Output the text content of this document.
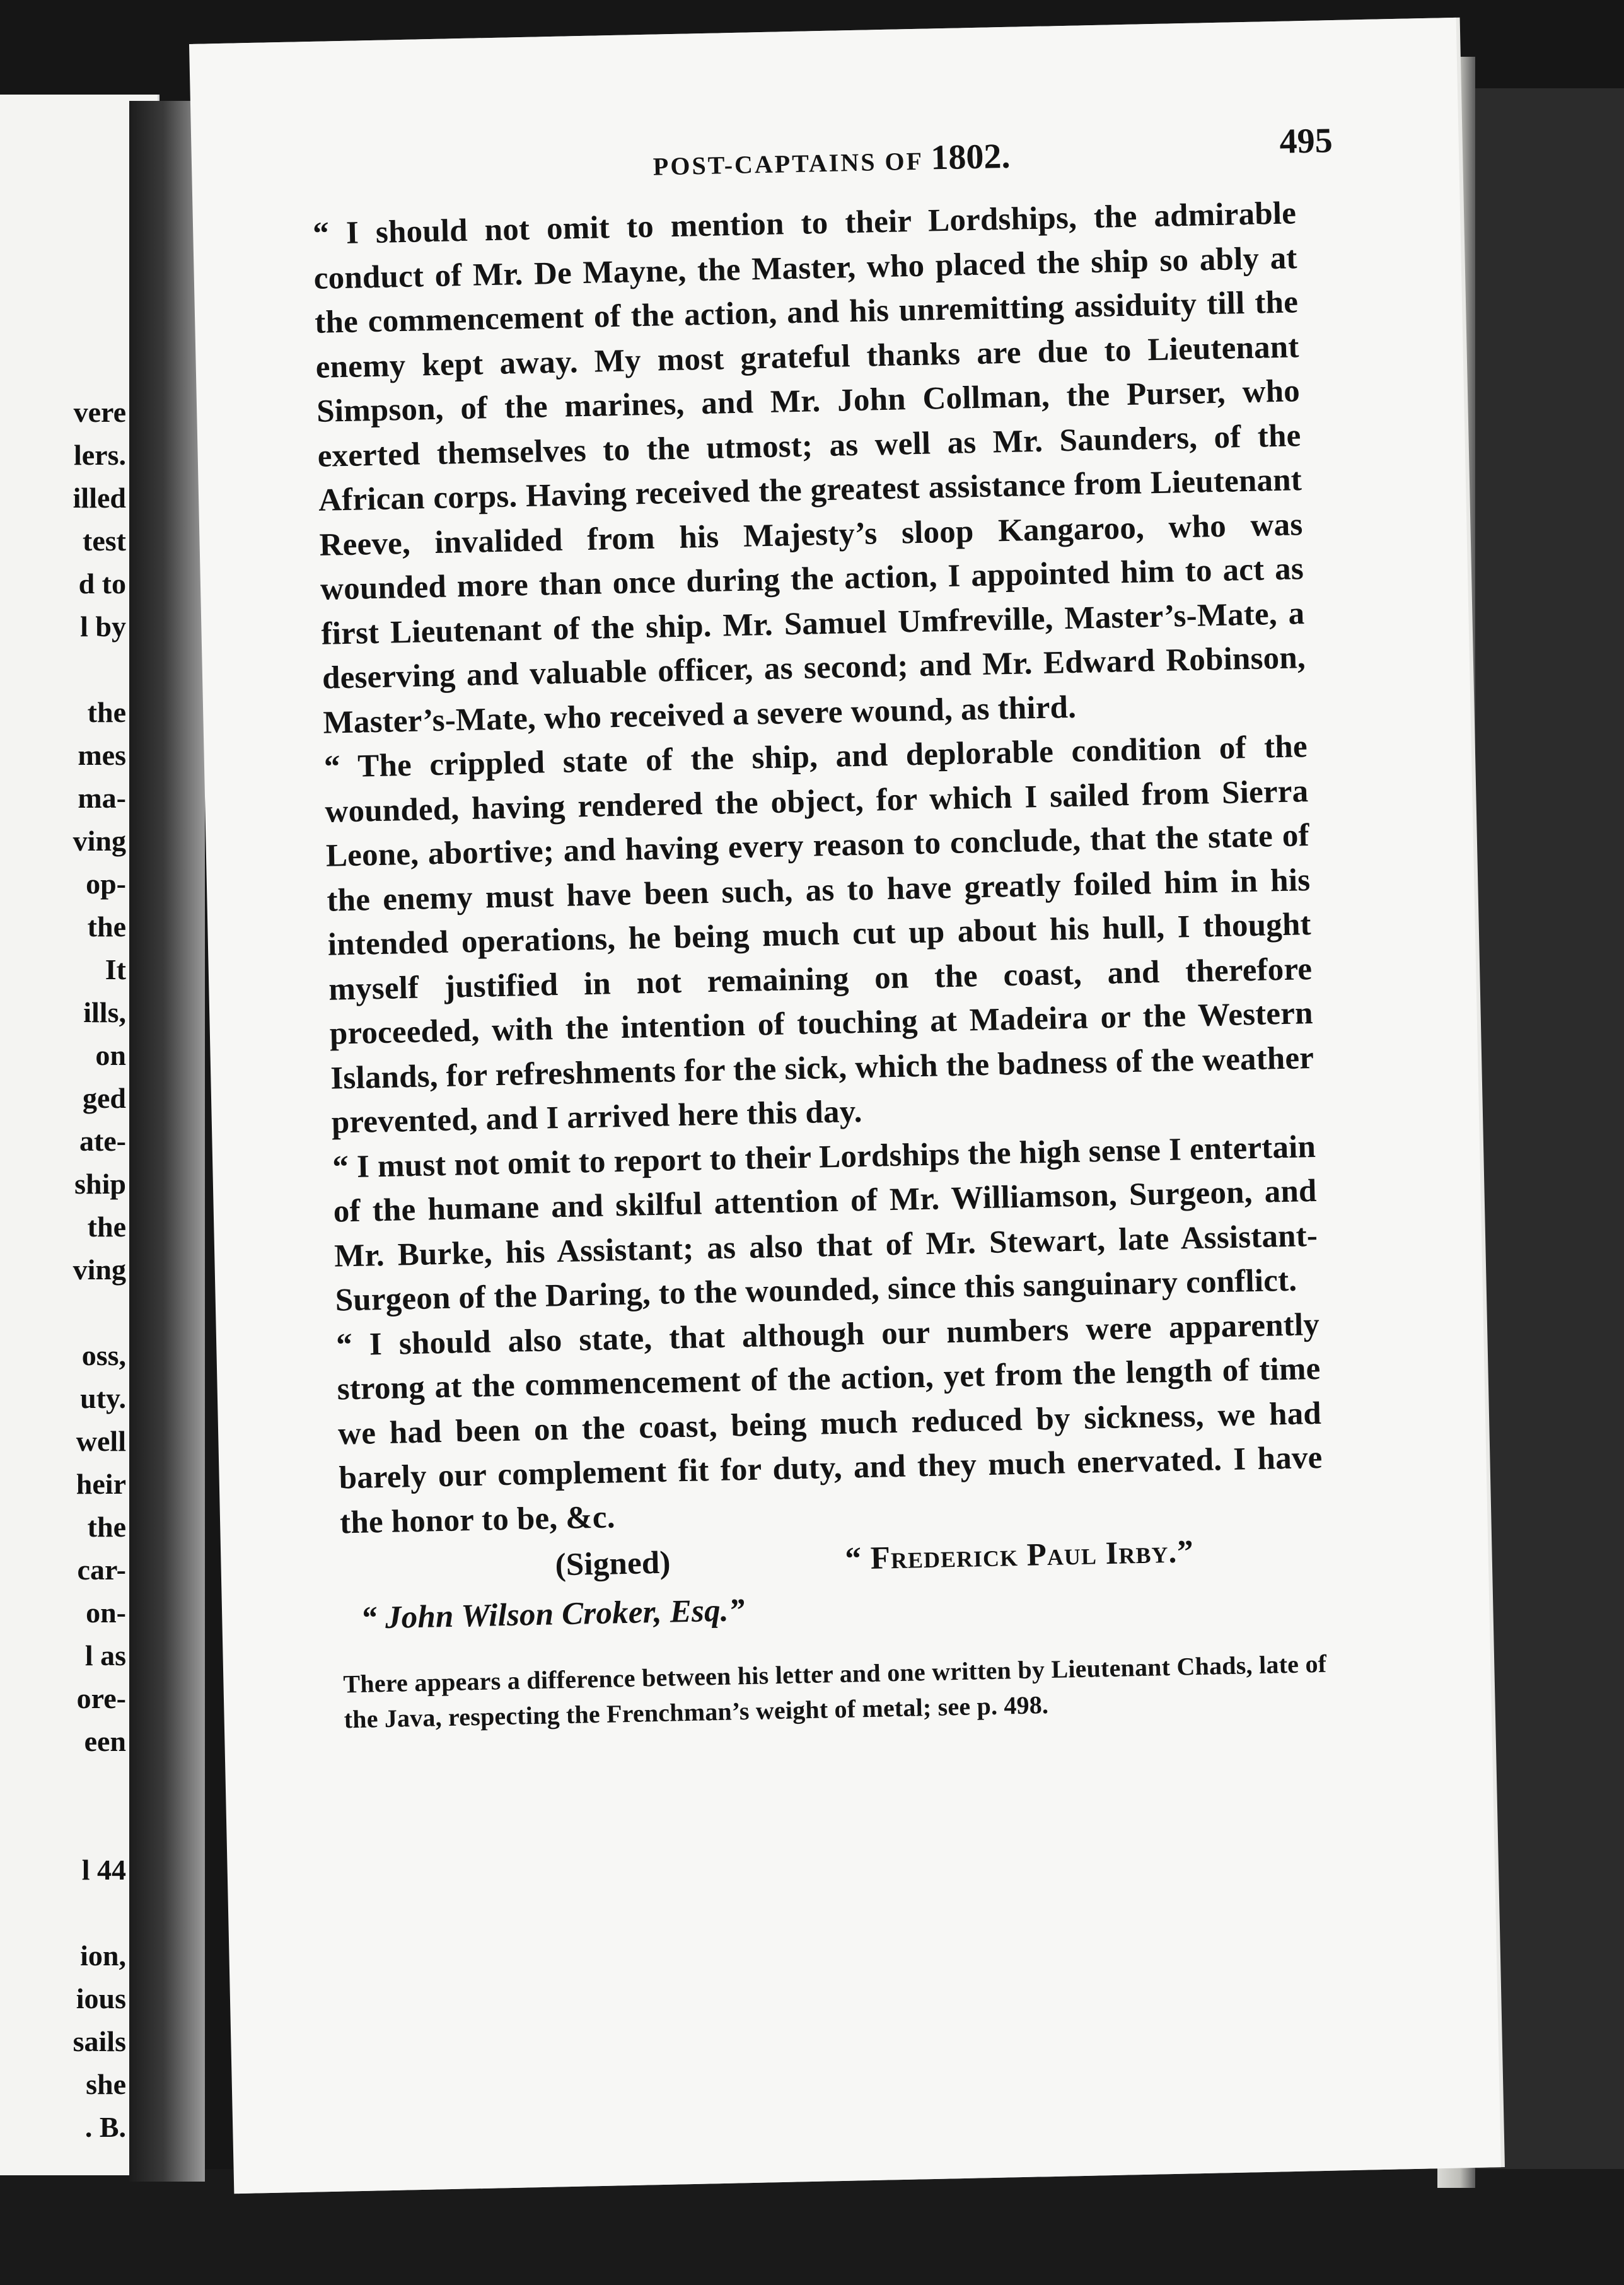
vere
lers.
illed
test
d to
l by
the
mes
ma-
ving
op-
the
It
ills,
on
ged
ate-
ship
the
ving
oss,
uty.
well
heir
the
car-
on-
l as
ore-
een
l 44
ion,
ious
sails
she
. B.
POST-CAPTAINS OF 1802.	495

“ I should not omit to mention to their Lordships, the admirable conduct of Mr. De Mayne, the Master, who placed the ship so ably at the commencement of the action, and his unremitting assiduity till the enemy kept away. My most grateful thanks are due to Lieutenant Simpson, of the marines, and Mr. John Collman, the Purser, who exerted themselves to the utmost; as well as Mr. Saunders, of the African corps. Having received the greatest assistance from Lieutenant Reeve, invalided from his Majesty’s sloop Kangaroo, who was wounded more than once during the action, I appointed him to act as first Lieutenant of the ship. Mr. Samuel Umfreville, Master’s-Mate, a deserving and valuable officer, as second; and Mr. Edward Robinson, Master’s-Mate, who received a severe wound, as third.

“ The crippled state of the ship, and deplorable condition of the wounded, having rendered the object, for which I sailed from Sierra Leone, abortive; and having every reason to conclude, that the state of the enemy must have been such, as to have greatly foiled him in his intended operations, he being much cut up about his hull, I thought myself justified in not remaining on the coast, and therefore proceeded, with the intention of touching at Madeira or the Western Islands, for refreshments for the sick, which the badness of the weather prevented, and I arrived here this day.

“ I must not omit to report to their Lordships the high sense I entertain of the humane and skilful attention of Mr. Williamson, Surgeon, and Mr. Burke, his Assistant; as also that of Mr. Stewart, late Assistant-Surgeon of the Daring, to the wounded, since this sanguinary conflict.

“ I should also state, that although our numbers were apparently strong at the commencement of the action, yet from the length of time we had been on the coast, being much reduced by sickness, we had barely our complement fit for duty, and they much enervated. I have the honor to be, &c.

(Signed)	“ Frederick Paul Irby.”
“ John Wilson Croker, Esq.”
There appears a difference between his letter and one written by Lieutenant Chads, late of the Java, respecting the Frenchman’s weight of metal; see p. 498.
